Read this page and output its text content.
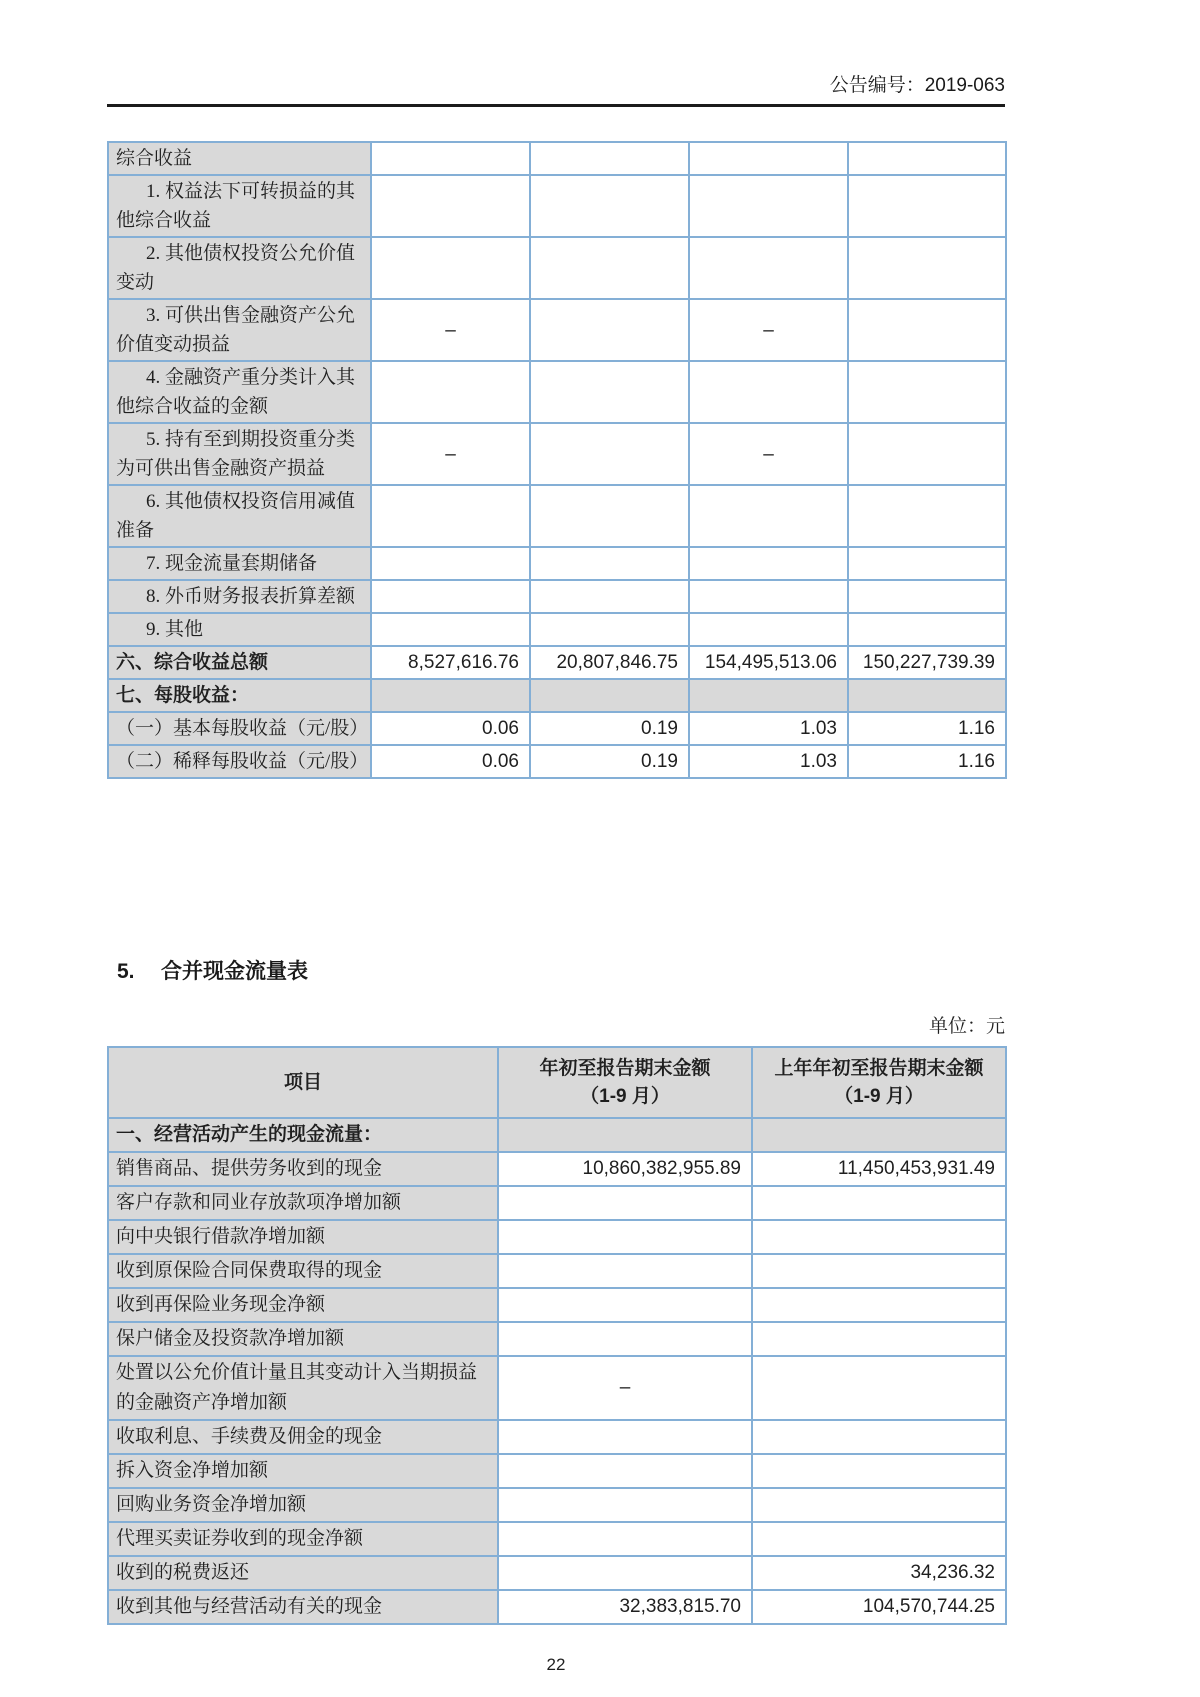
公告编号：2019-063
综合收益				
1. 权益法下可转损益的其他综合收益				
2. 其他债权投资公允价值变动				
3. 可供出售金融资产公允价值变动损益	–		–	
4. 金融资产重分类计入其他综合收益的金额				
5. 持有至到期投资重分类为可供出售金融资产损益	–		–	
6. 其他债权投资信用减值准备				
7. 现金流量套期储备				
8. 外币财务报表折算差额				
9. 其他				
六、综合收益总额	8,527,616.76	20,807,846.75	154,495,513.06	150,227,739.39
七、每股收益：				
（一）基本每股收益（元/股）	0.06	0.19	1.03	1.16
（二）稀释每股收益（元/股）	0.06	0.19	1.03	1.16
5.	合并现金流量表
单位：元
项目	
年初至报告期末金额
（1-9 月）

上年年初至报告期末金额
（1-9 月）

一、经营活动产生的现金流量：		
销售商品、提供劳务收到的现金	10,860,382,955.89	11,450,453,931.49
客户存款和同业存放款项净增加额		
向中央银行借款净增加额		
收到原保险合同保费取得的现金		
收到再保险业务现金净额		
保户储金及投资款净增加额		
处置以公允价值计量且其变动计入当期损益的金融资产净增加额	–	
收取利息、手续费及佣金的现金		
拆入资金净增加额		
回购业务资金净增加额		
代理买卖证券收到的现金净额		
收到的税费返还		34,236.32
收到其他与经营活动有关的现金	32,383,815.70	104,570,744.25
22
